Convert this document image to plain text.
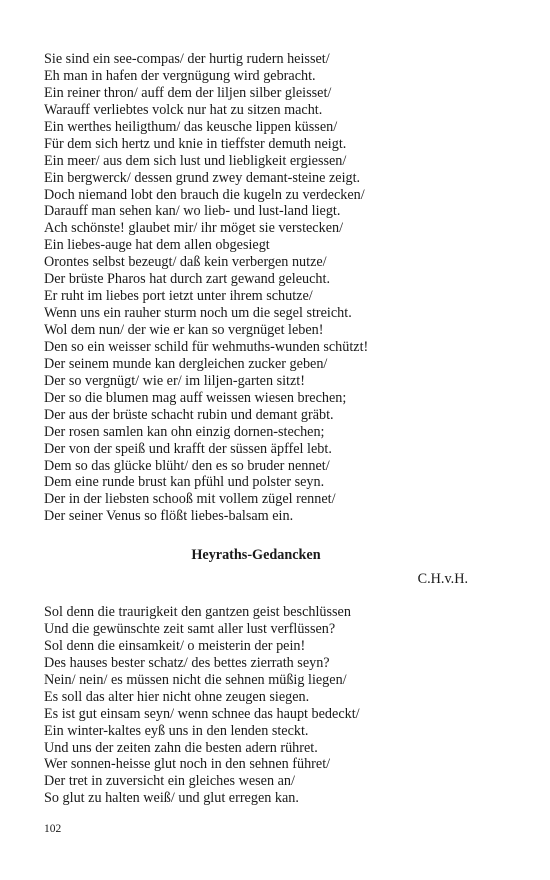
Sie sind ein see-compas/ der hurtig rudern heisset/
Eh man in hafen der vergnügung wird gebracht.
Ein reiner thron/ auff dem der liljen silber gleisset/
Warauff verliebtes volck nur hat zu sitzen macht.
Ein werthes heiligthum/ das keusche lippen küssen/
Für dem sich hertz und knie in tieffster demuth neigt.
Ein meer/ aus dem sich lust und liebligkeit ergiessen/
Ein bergwerck/ dessen grund zwey demant-steine zeigt.
Doch niemand lobt den brauch die kugeln zu verdecken/
Darauff man sehen kan/ wo lieb- und lust-land liegt.
Ach schönste! glaubet mir/ ihr möget sie verstecken/
Ein liebes-auge hat dem allen obgesiegt
Orontes selbst bezeugt/ daß kein verbergen nutze/
Der brüste Pharos hat durch zart gewand geleucht.
Er ruht im liebes port ietzt unter ihrem schutze/
Wenn uns ein rauher sturm noch um die segel streicht.
Wol dem nun/ der wie er kan so vergnüget leben!
Den so ein weisser schild für wehmuths-wunden schützt!
Der seinem munde kan dergleichen zucker geben/
Der so vergnügt/ wie er/ im liljen-garten sitzt!
Der so die blumen mag auff weissen wiesen brechen;
Der aus der brüste schacht rubin und demant gräbt.
Der rosen samlen kan ohn einzig dornen-stechen;
Der von der speiß und krafft der süssen äpffel lebt.
Dem so das glücke blüht/ den es so bruder nennet/
Dem eine runde brust kan pfühl und polster seyn.
Der in der liebsten schooß mit vollem zügel rennet/
Der seiner Venus so flößt liebes-balsam ein.
Heyraths-Gedancken
C.H.v.H.
Sol denn die traurigkeit den gantzen geist beschlüssen
Und die gewünschte zeit samt aller lust verflüssen?
Sol denn die einsamkeit/ o meisterin der pein!
Des hauses bester schatz/ des bettes zierrath seyn?
Nein/ nein/ es müssen nicht die sehnen müßig liegen/
Es soll das alter hier nicht ohne zeugen siegen.
Es ist gut einsam seyn/ wenn schnee das haupt bedeckt/
Ein winter-kaltes eyß uns in den lenden steckt.
Und uns der zeiten zahn die besten adern rühret.
Wer sonnen-heisse glut noch in den sehnen führet/
Der tret in zuversicht ein gleiches wesen an/
So glut zu halten weiß/ und glut erregen kan.
102
